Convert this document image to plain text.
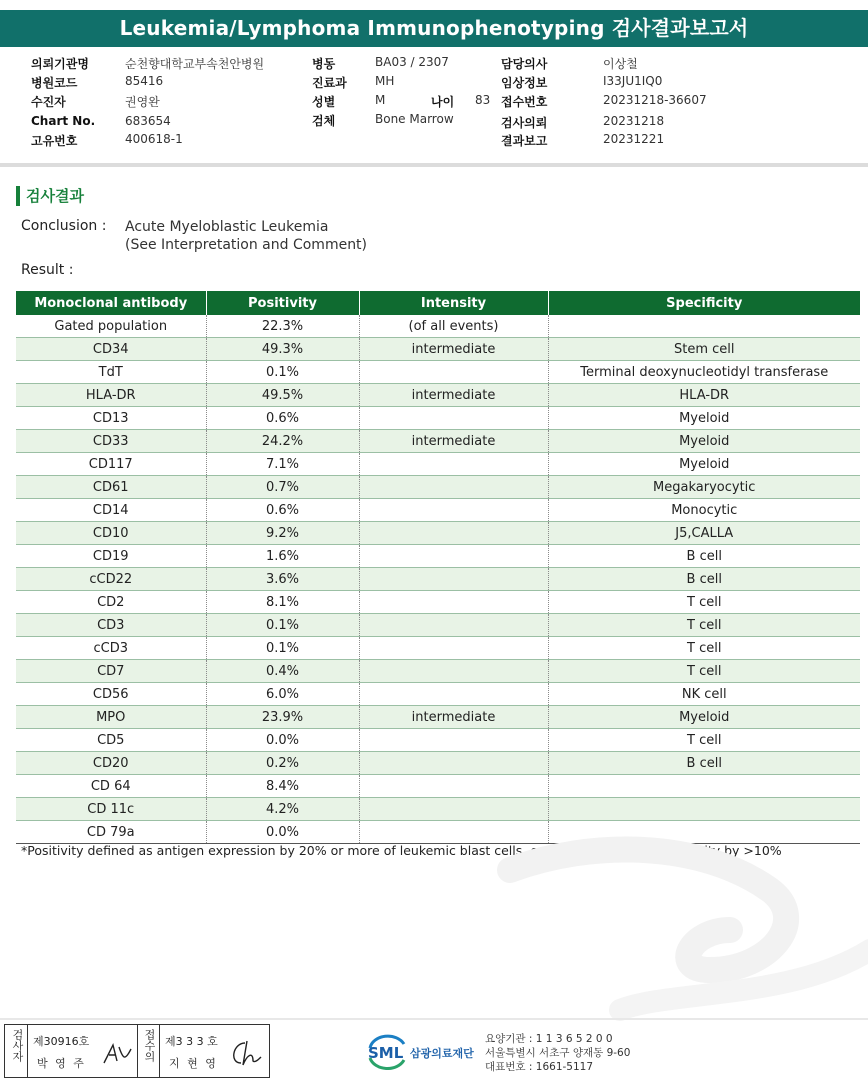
Leukemia/Lymphoma Immunophenotyping 검사결과보고서
의뢰기관명	순천향대학교부속천안병원
병원코드	85416
수진자	권영완
Chart No. 683654
고유번호	400618-1
병동	BA03 / 2307
진료과 MH
성별	M
검체	Bone Marrow
나이 83
담당의사	이상철
임상정보	I33JU1IQ0
접수번호	20231218-36607
검사의뢰	20231218
결과보고	20231221
검사결과
Conclusion : Acute Myeloblastic Leukemia
(See Interpretation and Comment)
Result :
Monoclonal antibody	Positivity	Intensity	Specificity
Gated population	22.3%	(of all events)	
CD34	49.3%	intermediate	Stem cell
TdT	0.1%		Terminal deoxynucleotidyl transferase
HLA-DR	49.5%	intermediate	HLA-DR
CD13	0.6%		Myeloid
CD33	24.2%	intermediate	Myeloid
CD117	7.1%		Myeloid
CD61	0.7%		Megakaryocytic
CD14	0.6%		Monocytic
CD10	9.2%		J5,CALLA
CD19	1.6%		B cell
cCD22	3.6%		B cell
CD2	8.1%		T cell
CD3	0.1%		T cell
cCD3	0.1%		T cell
CD7	0.4%		T cell
CD56	6.0%		NK cell
MPO	23.9%	intermediate	Myeloid
CD5	0.0%		T cell
CD20	0.2%		B cell
CD 64	8.4%		
CD 11c	4.2%		
CD 79a	0.0%		
*Positivity defined as antigen expression by 20% or more of leukemic blast cells, except TdT and MPO positivity by >10%
검사자 제30916호
박 영 주
접수의 제3 3 3 호
지 현 영
SML 삼광의료재단
요양기관 : 1 1 3 6 5 2 0 0
서울특별시 서초구 양재동 9-60
대표번호 : 1661-5117
